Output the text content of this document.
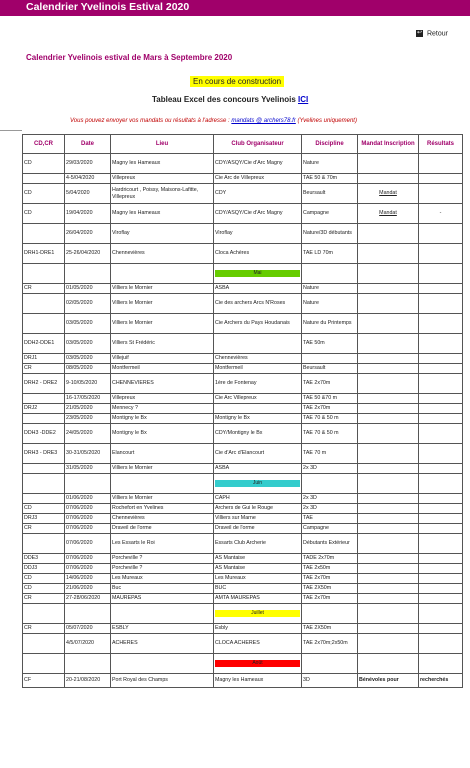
Calendrier Yvelinois Estival 2020
↩ Retour
Calendrier Yvelinois estival de Mars à Septembre 2020
En cours de construction
Tableau Excel des concours Yvelinois ICI
Vous pouvez envoyer vos mandats ou résultats à l'adresse : mandats @ archers78.fr (Yvelines uniquement)
CD,CR	Date	Lieu	Club Organisateur	Discipline	Mandat Inscription	Résultats
CD	29/03/2020	Magny les Hameaux	CDY/ASQY/Cie d'Arc Magny	Nature		
	4-5/04/2020	Villepreux	Cie Arc de Villepreux	TAE 50 & 70m		
CD	5/04/2020	Hardricourt , Poissy, Maisons-Lafitte, Villepreux	CDY	Beursault	Mandat	
CD	19/04/2020	Magny les Hameaux	CDY/ASQY/Cie d'Arc Magny	Campagne	Mandat	-
	26/04/2020	Viroflay	Viroflay	Nature/3D débutants		
DRH1-DRE1	25-26/04/2020	Chennevières	Cloca Achères	TAE LD 70m		

			Mai			

CR	01/05/2020	Villiers le Mornier	ASBA	Nature		
	02/05/2020	Villiers le Mornier	Cie des archers Arcs N'Roses	Nature		
	03/05/2020	Villiers le Mornier	Cie Archers du Pays Houdanais	Nature du Printemps		
DDH2-DDE1	03/05/2020	Villiers St Frédéric		TAE 50m		
DRJ1	03/05/2020	Villejuif	Chennevières			
CR	08/05/2020	Montfermeil	Montfermeil	Beursault		
DRH2 - DRE2	9-10/05/2020	CHENNEVIERES	1ère de Fontenay	TAE 2x70m		
	16-17/05/2020	Villepreux	Cie Arc Villepreux	TAE 50 &70 m		
DRJ2	21/05/2020	Mennecy ?		TAE 2x70m		
	23/05/2020	Montigny le Bx	Montigny le Bx	TAE 70 & 50 m		
DDH3 -DDE2	24/05/2020	Montigny le Bx	CDY/Montigny le Bx	TAE 70 & 50 m		
DRH3 - DRE3	30-31/05/2020	Elancourt	Cie d'Arc d'Elancourt	TAE 70 m		
	31/05/2020	Villiers le Mornier	ASBA	2x 3D		

			Juin			

	01/06/2020	Villiers le Mornier	CAPH	2x 3D		
CD	07/06/2020	Rochefort en Yvelines	Archers de Gui le Rouge	2x 3D		
DRJ3	07/06/2020	Chennevières	Villiers sur Marne	TAE		
CR	07/06/2020	Draveil de l'orme	Draveil de l'orme	Campagne		
	07/06/2020	Les Essarts le Roi	Essarts Club Archerie	Débutants Extérieur		
DDE3	07/06/2020	Porcheville ?	AS Mantaise	TADE 2x70m		
DDJ3	07/06/2020	Porcheville ?	AS Mantaise	TAE 2x50m		
CD	14/06/2020	Les Mureaux	Les Mureaux	TAE 2x70m		
CD	21/06/2020	Buc	BUC	TAE 2X50m		
CR	27-28/06/2020	MAUREPAS	AMTA MAUREPAS	TAE 2x70m		

			Juillet			

CR	05/07/2020	ESBLY	Esbly	TAE 2X50m		
	4/5/07/2020	ACHERES	CLOCA ACHERES	TAE 2x70m;2x50m		

			Août			

CF	20-21/08/2020	Port Royal des Champs	Magny les Hameaux	3D	Bénévoles pour	recherchés
